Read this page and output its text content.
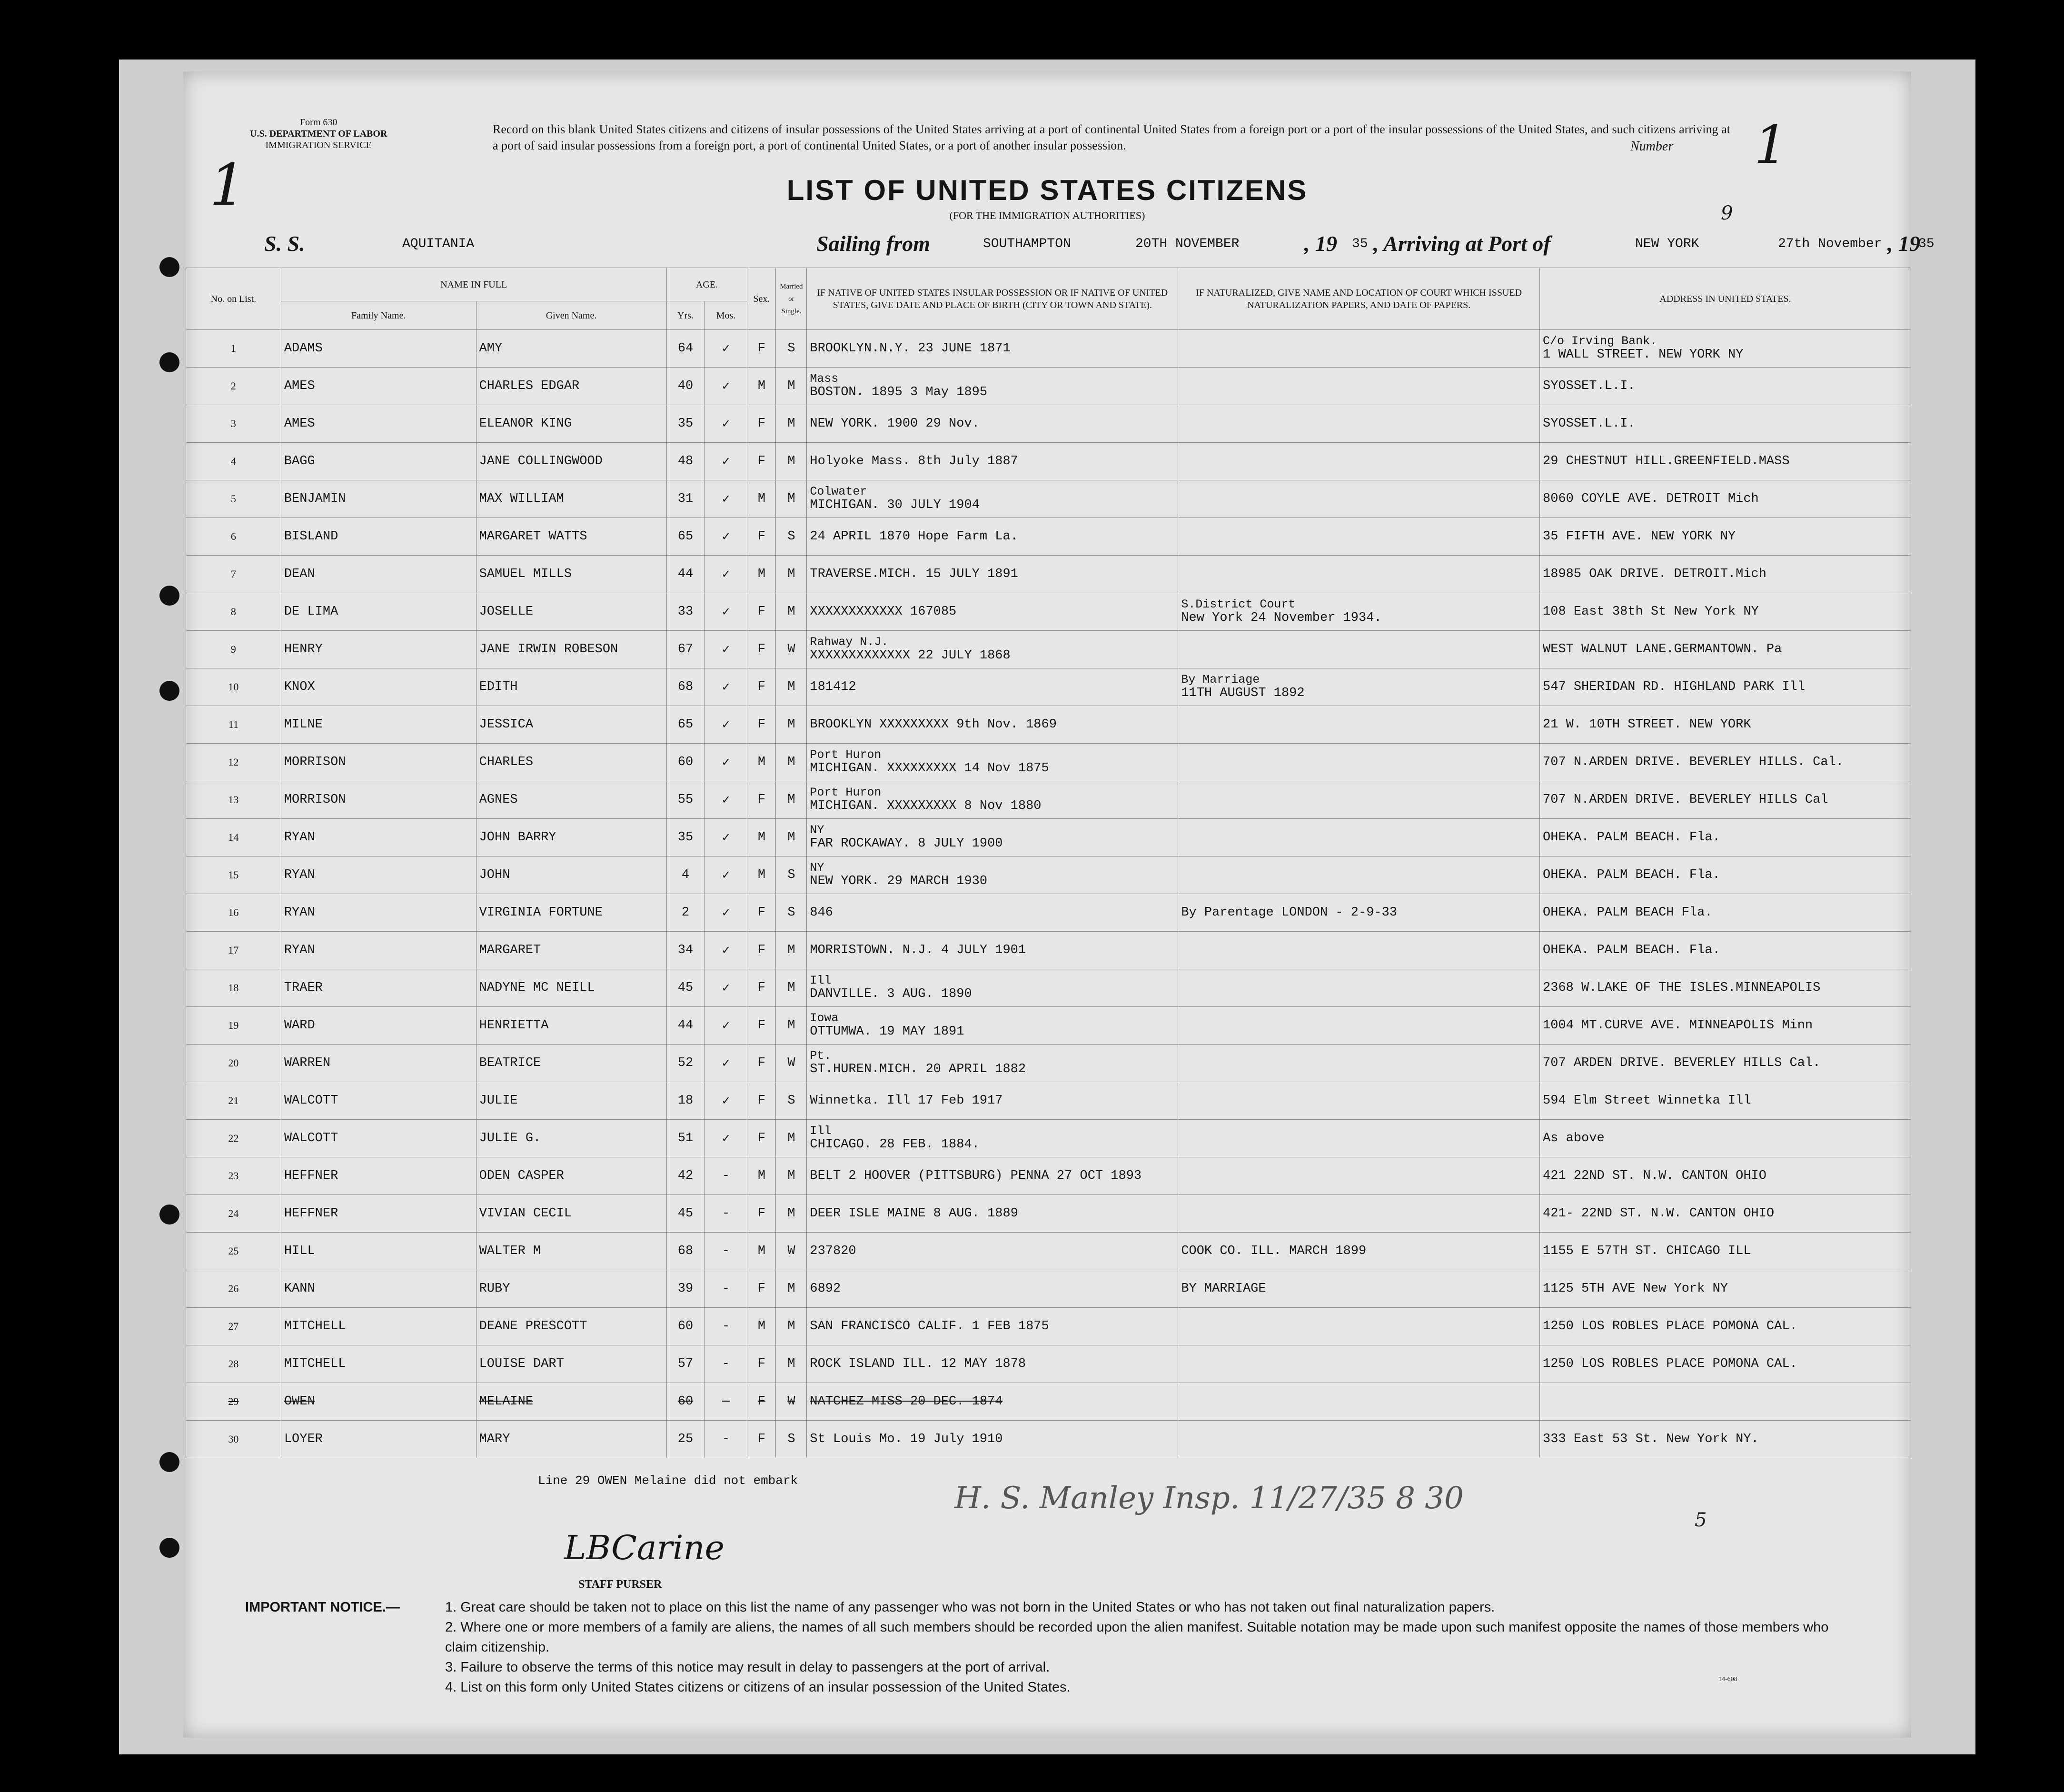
1
Form 630
U.S. DEPARTMENT OF LABOR
IMMIGRATION SERVICE
Record on this blank United States citizens and citizens of insular possessions of the United States arriving at a port of continental United States from a foreign port or a port of the insular possessions of the United States, and such citizens arriving at a port of said insular possessions from a foreign port, a port of continental United States, or a port of another insular possession.	Number 1
9
LIST OF UNITED STATES CITIZENS
(FOR THE IMMIGRATION AUTHORITIES)
S. S.	AQUITANIA	Sailing from	SOUTHAMPTON	20TH NOVEMBER	, 19 35 , Arriving at Port of	NEW YORK	27th November , 19
35
No. on List.	NAME IN FULL		AGE.		Sex.	Married or Single.	IF NATIVE OF UNITED STATES INSULAR POSSESSION OR IF NATIVE OF UNITED STATES, GIVE DATE AND PLACE OF BIRTH (CITY OR TOWN AND STATE).	IF NATURALIZED, GIVE NAME AND LOCATION OF COURT WHICH ISSUED NATURALIZATION PAPERS, AND DATE OF PAPERS.	ADDRESS IN UNITED STATES.
	Family Name.	Given Name.	Yrs.	Mos.					
1	ADAMS	AMY	64	✓	F	S	BROOKLYN.N.Y. 23 JUNE 1871		C/o Irving Bank.
1 WALL STREET. NEW YORK NY

2	AMES	CHARLES EDGAR	40	✓	M	M	Mass
BOSTON. 1895 3 May 1895		SYOSSET.L.I.

3	AMES	ELEANOR KING	35	✓	F	M	NEW YORK. 1900 29 Nov.		SYOSSET.L.I.

4	BAGG	JANE COLLINGWOOD	48	✓	F	M	Holyoke Mass. 8th July 1887		29 CHESTNUT HILL.GREENFIELD.MASS

5	BENJAMIN	MAX WILLIAM	31	✓	M	M	Colwater
MICHIGAN. 30 JULY 1904		8060 COYLE AVE. DETROIT Mich

6	BISLAND	MARGARET WATTS	65	✓	F	S	24 APRIL 1870 Hope Farm La.		35 FIFTH AVE. NEW YORK NY

7	DEAN	SAMUEL MILLS	44	✓	M	M	TRAVERSE.MICH. 15 JULY 1891		18985 OAK DRIVE. DETROIT.Mich

8	DE LIMA	JOSELLE	33	✓	F	M	XXXXXXXXXXXX 167085	S.District Court
New York 24 November 1934.	108 East 38th St New York NY

9	HENRY	JANE IRWIN ROBESON	67	✓	F	W	Rahway N.J.
XXXXXXXXXXXXX 22 JULY 1868		WEST WALNUT LANE.GERMANTOWN. Pa

10	KNOX	EDITH	68	✓	F	M	181412	By Marriage
11TH AUGUST 1892	547 SHERIDAN RD. HIGHLAND PARK Ill

11	MILNE	JESSICA	65	✓	F	M	BROOKLYN XXXXXXXXX 9th Nov. 1869		21 W. 10TH STREET. NEW YORK

12	MORRISON	CHARLES	60	✓	M	M	Port Huron
MICHIGAN. XXXXXXXXX 14 Nov 1875		707 N.ARDEN DRIVE. BEVERLEY HILLS. Cal.

13	MORRISON	AGNES	55	✓	F	M	Port Huron
MICHIGAN. XXXXXXXXX 8 Nov 1880		707 N.ARDEN DRIVE. BEVERLEY HILLS Cal

14	RYAN	JOHN BARRY	35	✓	M	M	NY
FAR ROCKAWAY. 8 JULY 1900		OHEKA. PALM BEACH. Fla.

15	RYAN	JOHN	4	✓	M	S	NY
NEW YORK. 29 MARCH 1930		OHEKA. PALM BEACH. Fla.

16	RYAN	VIRGINIA FORTUNE	2	✓	F	S	846	By Parentage LONDON - 2-9-33	OHEKA. PALM BEACH Fla.

17	RYAN	MARGARET	34	✓	F	M	MORRISTOWN. N.J. 4 JULY 1901		OHEKA. PALM BEACH. Fla.

18	TRAER	NADYNE MC NEILL	45	✓	F	M	Ill
DANVILLE. 3 AUG. 1890		2368 W.LAKE OF THE ISLES.MINNEAPOLIS

19	WARD	HENRIETTA	44	✓	F	M	Iowa
OTTUMWA. 19 MAY 1891		1004 MT.CURVE AVE. MINNEAPOLIS Minn

20	WARREN	BEATRICE	52	✓	F	W	Pt.
ST.HUREN.MICH. 20 APRIL 1882		707 ARDEN DRIVE. BEVERLEY HILLS Cal.

21	WALCOTT	JULIE	18	✓	F	S	Winnetka. Ill 17 Feb 1917		594 Elm Street Winnetka Ill

22	WALCOTT	JULIE G.	51	✓	F	M	Ill
CHICAGO. 28 FEB. 1884.		As above

23	HEFFNER	ODEN CASPER	42	-	M	M	BELT 2 HOOVER (PITTSBURG) PENNA 27 OCT 1893		421 22ND ST. N.W. CANTON OHIO

24	HEFFNER	VIVIAN CECIL	45	-	F	M	DEER ISLE MAINE 8 AUG. 1889		421- 22ND ST. N.W. CANTON OHIO

25	HILL	WALTER M	68	-	M	W	237820	COOK CO. ILL. MARCH 1899	1155 E 57TH ST. CHICAGO ILL

26	KANN	RUBY	39	-	F	M	6892	BY MARRIAGE	1125 5TH AVE New York NY

27	MITCHELL	DEANE PRESCOTT	60	-	M	M	SAN FRANCISCO CALIF. 1 FEB 1875		1250 LOS ROBLES PLACE POMONA CAL.

28	MITCHELL	LOUISE DART	57	-	F	M	ROCK ISLAND ILL. 12 MAY 1878		1250 LOS ROBLES PLACE POMONA CAL.

29	OWEN	MELAINE	60	-	F	W	NATCHEZ MISS 20 DEC. 1874		

30	LOYER	MARY	25	-	F	S	St Louis Mo. 19 July 1910		333 East 53 St. New York NY.
Line 29 OWEN Melaine did not embark	H. S. Manley Insp. 11/27/35 8 30
5
LBCarine
STAFF PURSER
IMPORTANT NOTICE.—	1. Great care should be taken not to place on this list the name of any passenger who was not born in the United States or who has not taken out final naturalization papers.
2. Where one or more members of a family are aliens, the names of all such members should be recorded upon the alien manifest. Suitable notation may be made upon such manifest opposite the names of those members who claim citizenship.
3. Failure to observe the terms of this notice may result in delay to passengers at the port of arrival.
4. List on this form only United States citizens or citizens of an insular possession of the United States.
14-608
